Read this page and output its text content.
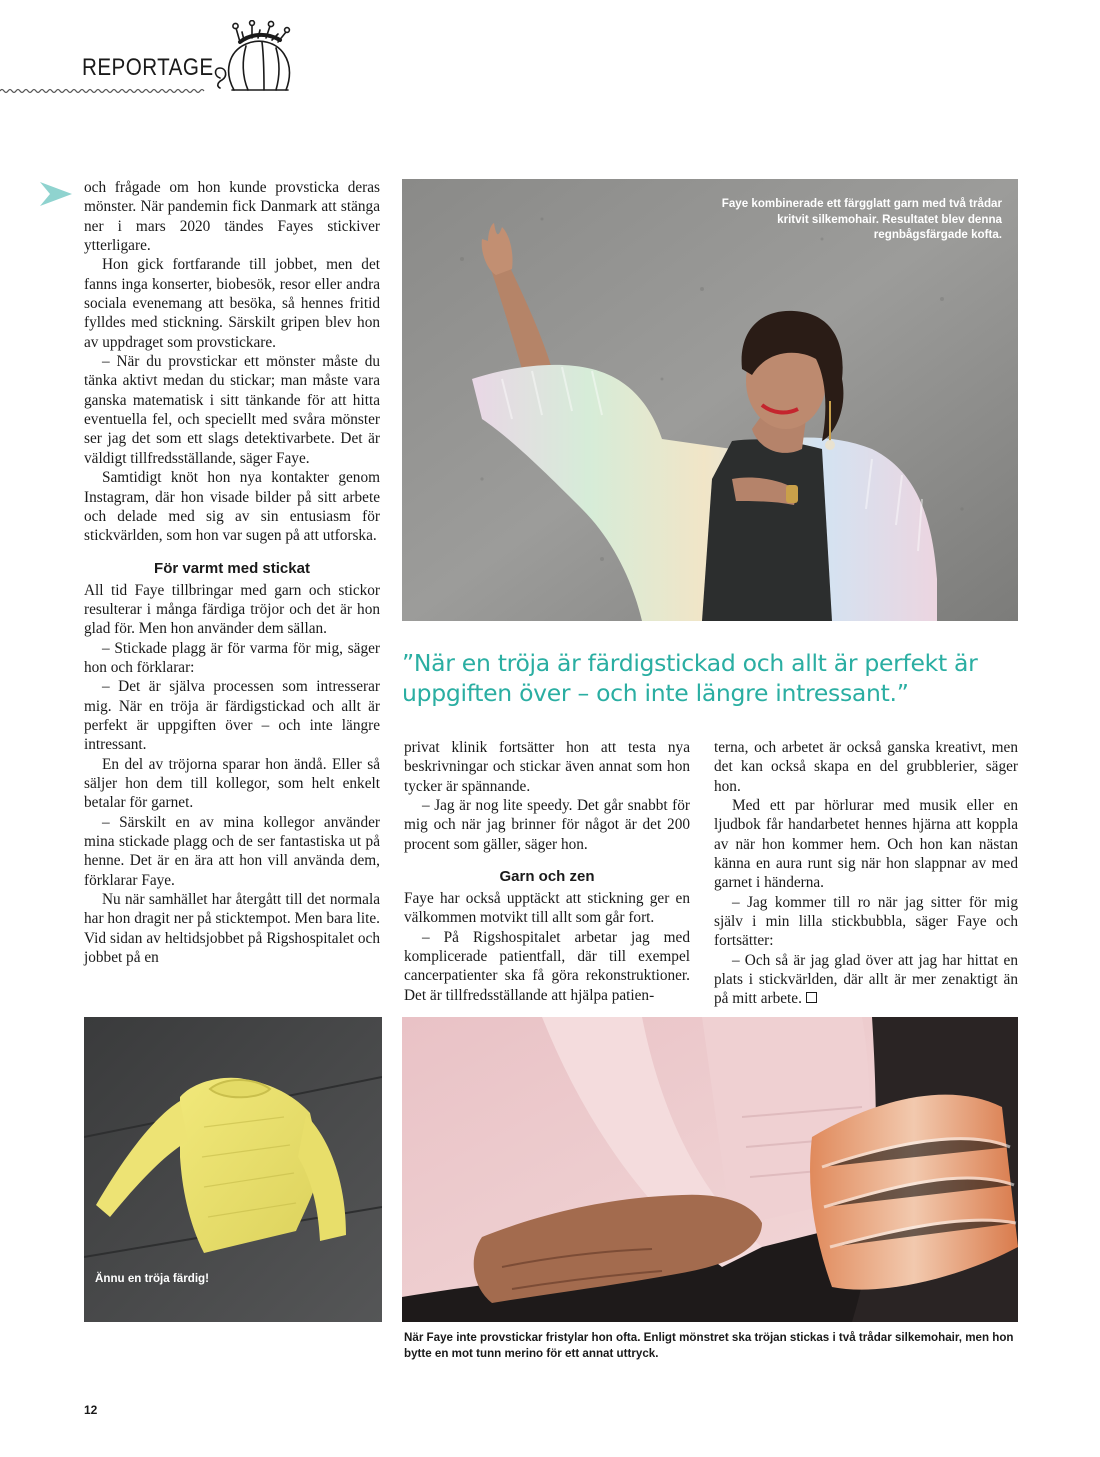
REPORTAGE

och frågade om hon kunde provsticka deras mönster. När pandemin fick Danmark att stänga ner i mars 2020 tändes Fayes stickiver ytterligare.

Hon gick fortfarande till jobbet, men det fanns inga konserter, biobesök, resor eller andra sociala evenemang att besöka, så hennes fritid fylldes med stickning. Särskilt gripen blev hon av uppdraget som provstickare.

– När du provstickar ett mönster måste du tänka aktivt medan du stickar; man måste vara ganska matematisk i sitt tänkande för att hitta eventuella fel, och speciellt med svåra mönster ser jag det som ett slags detektivarbete. Det är väldigt tillfredsställande, säger Faye.

Samtidigt knöt hon nya kontakter genom Instagram, där hon visade bilder på sitt arbete och delade med sig av sin entusiasm för stickvärlden, som hon var sugen på att utforska.

För varmt med stickat

All tid Faye tillbringar med garn och stickor resulterar i många färdiga tröjor och det är hon glad för. Men hon använder dem sällan.

– Stickade plagg är för varma för mig, säger hon och förklarar:

– Det är själva processen som intresserar mig. När en tröja är färdigstickad och allt är perfekt är uppgiften över – och inte längre intressant.

En del av tröjorna sparar hon ändå. Eller så säljer hon dem till kollegor, som helt enkelt betalar för garnet.

– Särskilt en av mina kollegor använder mina stickade plagg och de ser fantastiska ut på henne. Det är en ära att hon vill använda dem, förklarar Faye.

Nu när samhället har återgått till det normala har hon dragit ner på sticktempot. Men bara lite. Vid sidan av heltidsjobbet på Rigshospitalet och jobbet på en

Faye kombinerade ett färgglatt garn med två trådar kritvit silkemohair. Resultatet blev denna regnbågsfärgade kofta.
”När en tröja är färdigstickad och allt är perfekt är uppgiften över – och inte längre intressant.”

privat klinik fortsätter hon att testa nya beskrivningar och stickar även annat som hon tycker är spännande.

– Jag är nog lite speedy. Det går snabbt för mig och när jag brinner för något är det 200 procent som gäller, säger hon.

Garn och zen

Faye har också upptäckt att stickning ger en välkommen motvikt till allt som går fort.

– På Rigshospitalet arbetar jag med komplicerade patientfall, där till exempel cancerpatienter ska få göra rekonstruktioner. Det är tillfredsställande att hjälpa patien-

terna, och arbetet är också ganska kreativt, men det kan också skapa en del grubblerier, säger hon.

Med ett par hörlurar med musik eller en ljudbok får handarbetet hennes hjärna att koppla av när hon kommer hem. Och hon kan nästan känna en aura runt sig när hon slappnar av med garnet i händerna.

– Jag kommer till ro när jag sitter för mig själv i min lilla stickbubbla, säger Faye och fortsätter:

– Och så är jag glad över att jag har hittat en plats i stickvärlden, där allt är mer zenaktigt än på mitt arbete.

Ännu en tröja färdig!
När Faye inte provstickar fristylar hon ofta. Enligt mönstret ska tröjan stickas i två trådar silkemohair, men hon bytte en mot tunn merino för ett annat uttryck.
12
